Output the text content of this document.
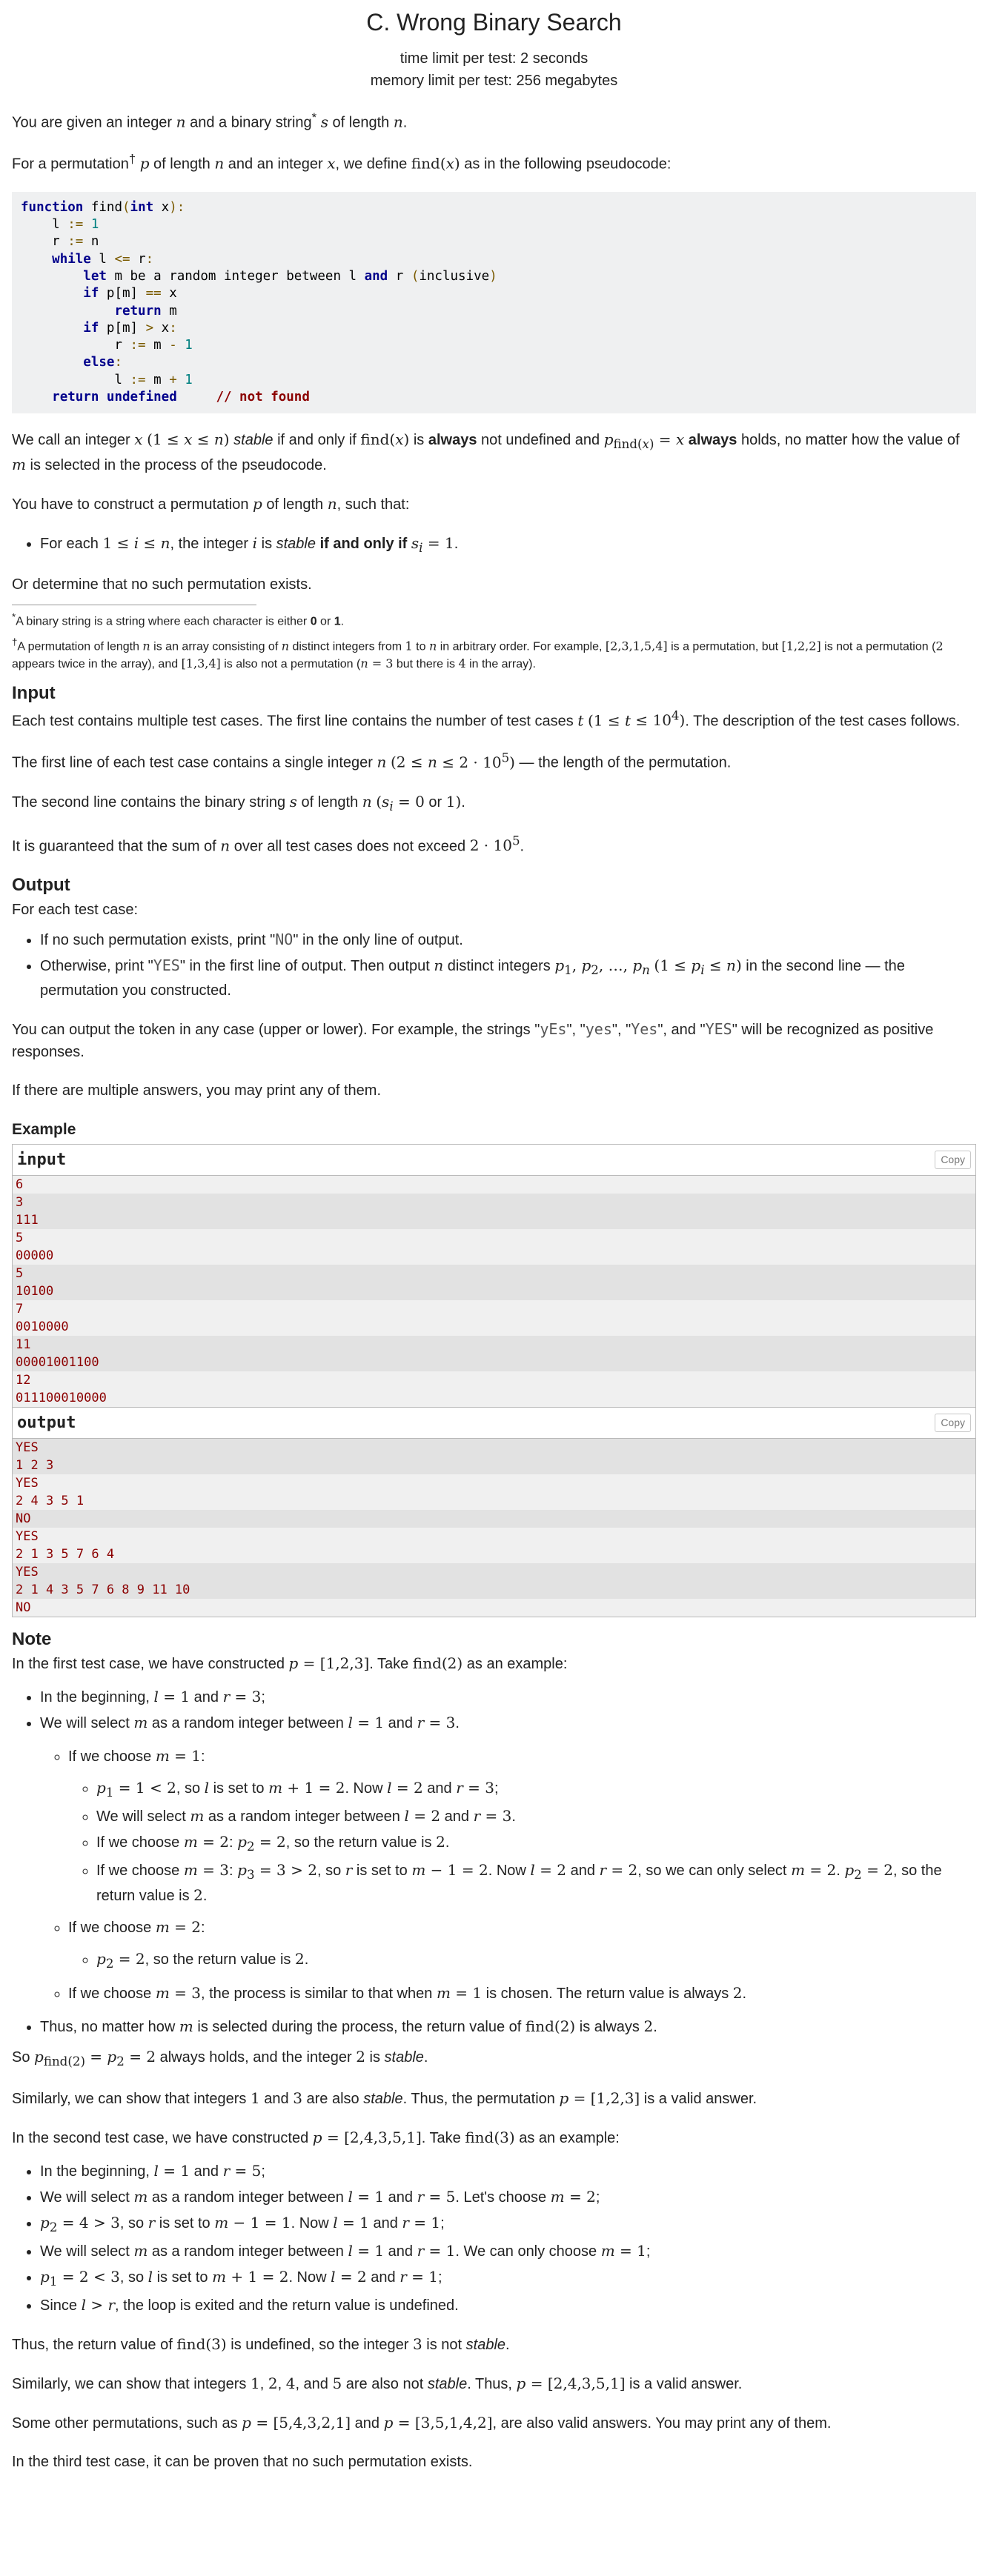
C. Wrong Binary Search
time limit per test: 2 seconds
memory limit per test: 256 megabytes

You are given an integer n and a binary string* s of length n.

For a permutation† p of length n and an integer x, we define find(x) as in the following pseudocode:

function find(int x):
l := 1
r := n
while l <= r:
let m be a random integer between l and r (inclusive)
if p[m] == x
return m
if p[m] > x:
r := m - 1
else:
l := m + 1
return undefined	// not found

We call an integer x (1 ≤ x ≤ n) stable if and only if find(x) is always not undefined and $p_{find(x)} = x$ always holds, no matter how the value of m is selected in the process of the pseudocode.

You have to construct a permutation p of length n, such that:

• For each 1 ≤ i ≤ n, the integer i is stable if and only if $s_i = 1$.

Or determine that no such permutation exists.

*A binary string is a string where each character is either 0 or 1.
†A permutation of length n is an array consisting of n distinct integers from 1 to n in arbitrary order. For example, [2,3,1,5,4] is a permutation, but [1,2,2] is not a permutation (2 appears twice in the array), and [1,3,4] is also not a permutation (n = 3 but there is 4 in the array).
Input

Each test contains multiple test cases. The first line contains the number of test cases t $(1 \le t \le 10^4)$. The description of the test cases follows.

The first line of each test case contains a single integer n $(2 \le n \le 2 \cdot 10^5)$ — the length of the permutation.

The second line contains the binary string s of length n ($s_i = 0$ or 1).

It is guaranteed that the sum of n over all test cases does not exceed $2 \cdot 10^5$.

Output

For each test case:

• If no such permutation exists, print "NO" in the only line of output.
• Otherwise, print "YES" in the first line of output. Then output n distinct integers $p_1$, $p_2$, …, $p_n$ $(1 \le p_i \le n)$ in the second line — the permutation you constructed.

You can output the token in any case (upper or lower). For example, the strings "yEs", "yes", "Yes", and "YES" will be recognized as positive responses.

If there are multiple answers, you may print any of them.

Example
input	Copy
6
3
111
5
00000
5
10100
7
0010000
11
00001001100
12
011100010000
output	Copy
YES
1 2 3
YES
2 4 3 5 1
NO
YES
2 1 3 5 7 6 4
YES
2 1 4 3 5 7 6 8 9 11 10
NO
Note

In the first test case, we have constructed p = [1,2,3]. Take find(2) as an example:

• In the beginning, l = 1 and r = 3;
• We will select m as a random integer between l = 1 and r = 3.
◦ If we choose m = 1:
◦ $p_1 = 1 < 2$, so l is set to m + 1 = 2. Now l = 2 and r = 3;
◦ We will select m as a random integer between l = 2 and r = 3.
◦ If we choose m = 2: $p_2 = 2$, so the return value is 2.
◦ If we choose m = 3: $p_3 = 3 > 2$, so r is set to m − 1 = 2. Now l = 2 and r = 2, so we can only select m = 2. $p_2 = 2$, so the return value is 2.
◦ If we choose m = 2:
◦ $p_2 = 2$, so the return value is 2.
◦ If we choose m = 3, the process is similar to that when m = 1 is chosen. The return value is always 2.
• Thus, no matter how m is selected during the process, the return value of find(2) is always 2.

So $p_{find(2)} = p_2 = 2$ always holds, and the integer 2 is stable.

Similarly, we can show that integers 1 and 3 are also stable. Thus, the permutation p = [1,2,3] is a valid answer.

In the second test case, we have constructed p = [2,4,3,5,1]. Take find(3) as an example:

• In the beginning, l = 1 and r = 5;
• We will select m as a random integer between l = 1 and r = 5. Let's choose m = 2;
• $p_2 = 4 > 3$, so r is set to m − 1 = 1. Now l = 1 and r = 1;
• We will select m as a random integer between l = 1 and r = 1. We can only choose m = 1;
• $p_1 = 2 < 3$, so l is set to m + 1 = 2. Now l = 2 and r = 1;
• Since l > r, the loop is exited and the return value is undefined.

Thus, the return value of find(3) is undefined, so the integer 3 is not stable.

Similarly, we can show that integers 1, 2, 4, and 5 are also not stable. Thus, p = [2,4,3,5,1] is a valid answer.

Some other permutations, such as p = [5,4,3,2,1] and p = [3,5,1,4,2], are also valid answers. You may print any of them.

In the third test case, it can be proven that no such permutation exists.
